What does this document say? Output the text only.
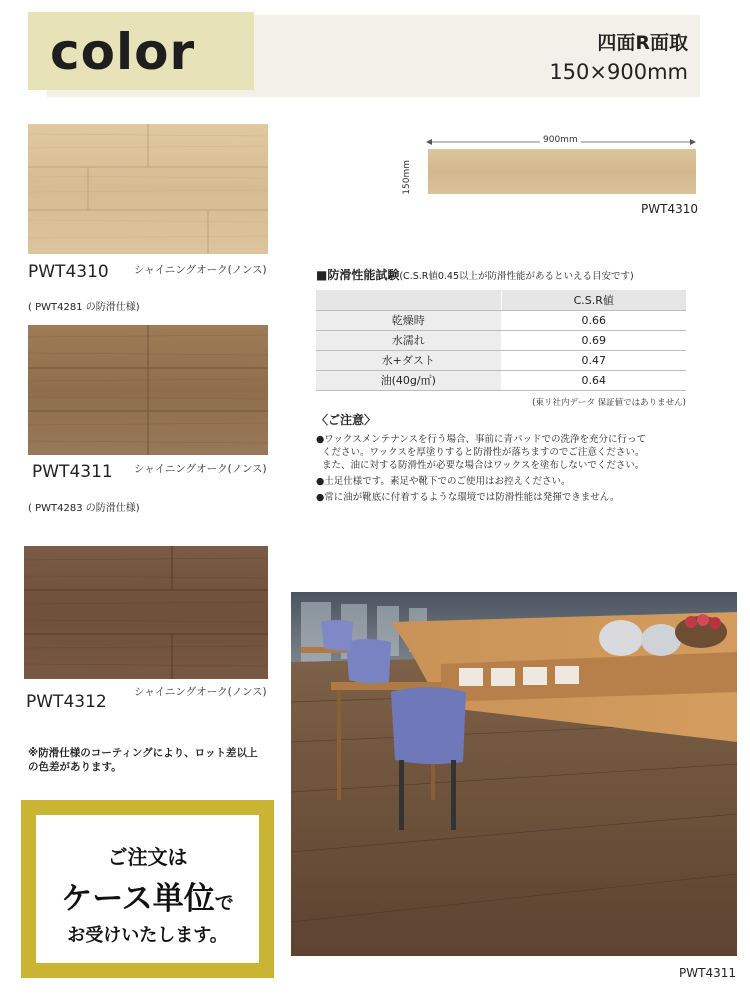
color	四面R面取
150×900mm
PWT4310 シャイニングオーク(ノンス)
( PWT4281 の防滑仕様)
PWT4311 シャイニングオーク(ノンス)
( PWT4283 の防滑仕様)
PWT4312	シャイニングオーク(ノンス)
900mm
150mm
PWT4310
■防滑性能試験(C.S.R値0.45以上が防滑性能があるといえる目安です)
	C.S.R値
乾燥時	0.66
水濡れ	0.69
水+ダスト	0.47
油(40g/㎡)	0.64
(東リ社内データ 保証値ではありません)
〈ご注意〉
●ワックスメンテナンスを行う場合、事前に青パッドでの洗浄を充分に行って
ください。ワックスを厚塗りすると防滑性が落ちますのでご注意ください。
また、油に対する防滑性が必要な場合はワックスを塗布しないでください。
●土足仕様です。素足や靴下でのご使用はお控えください。
●常に油が靴底に付着するような環境では防滑性能は発揮できません。
※防滑仕様のコーティングにより、ロット差以上
の色差があります。
ご注文は
ケース単位で
お受けいたします。
PWT4311
